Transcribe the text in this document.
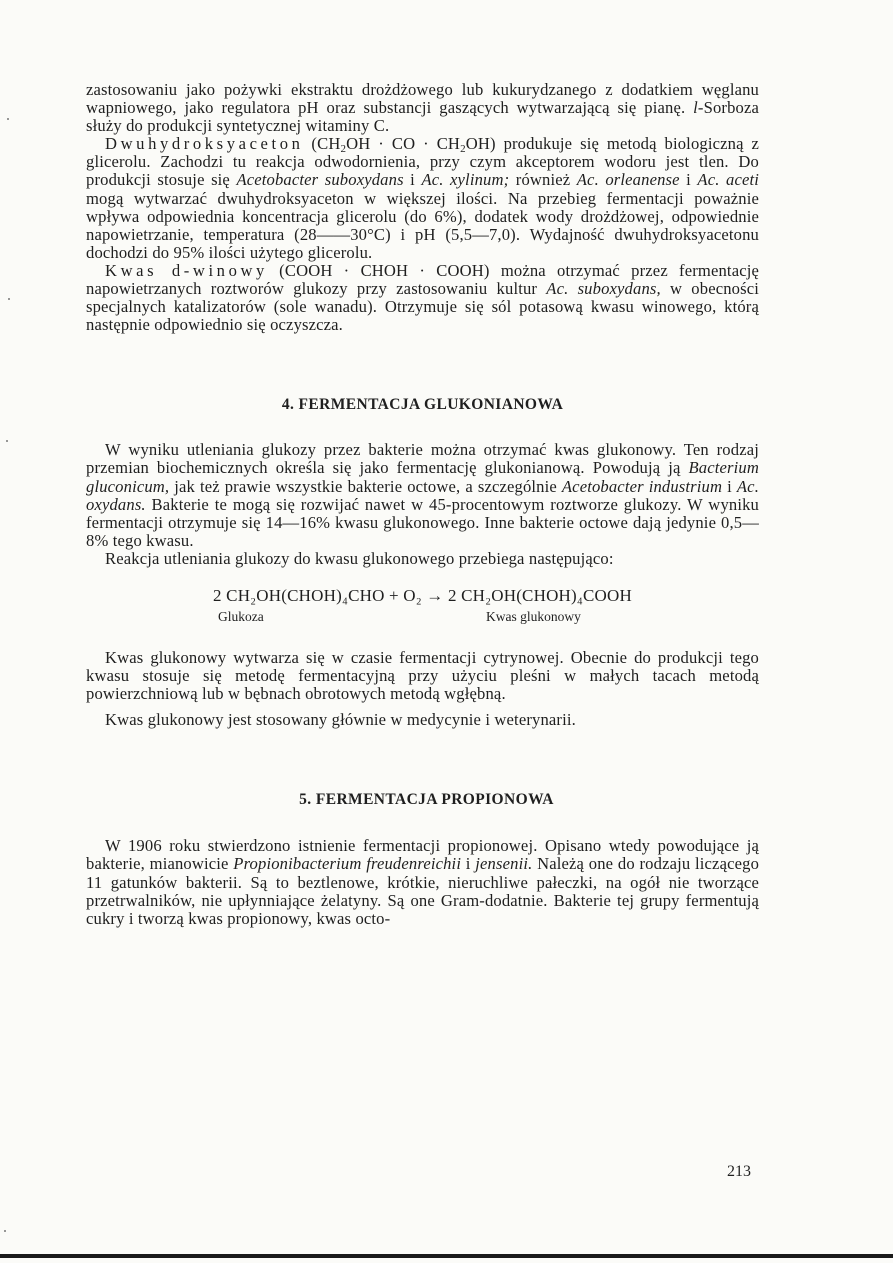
zastosowaniu jako pożywki ekstraktu drożdżowego lub kukurydzanego z dodatkiem węglanu wapniowego, jako regulatora pH oraz substancji gaszących wytwarzającą się pianę. l-Sorboza służy do produkcji syntetycznej witaminy C.

Dwuhydroksyaceton ($CH_2OH$ · CO · $CH_2OH$) produkuje się metodą biologiczną z glicerolu. Zachodzi tu reakcja odwodornienia, przy czym akceptorem wodoru jest tlen. Do produkcji stosuje się Acetobacter suboxydans i Ac. xylinum; również Ac. orleanense i Ac. aceti mogą wytwarzać dwuhydroksyaceton w większej ilości. Na przebieg fermentacji poważnie wpływa odpowiednia koncentracja glicerolu (do 6%), dodatek wody drożdżowej, odpowiednie napowietrzanie, temperatura (28——30°C) i pH (5,5—7,0). Wydajność dwuhydroksyacetonu dochodzi do 95% ilości użytego glicerolu.

Kwas d-winowy (COOH · CHOH · COOH) można otrzymać przez fermentację napowietrzanych roztworów glukozy przy zastosowaniu kultur Ac. suboxydans, w obecności specjalnych katalizatorów (sole wanadu). Otrzymuje się sól potasową kwasu winowego, którą następnie odpowiednio się oczyszcza.

4. FERMENTACJA GLUKONIANOWA

W wyniku utleniania glukozy przez bakterie można otrzymać kwas glukonowy. Ten rodzaj przemian biochemicznych określa się jako fermentację glukonianową. Powodują ją Bacterium gluconicum, jak też prawie wszystkie bakterie octowe, a szczególnie Acetobacter industrium i Ac. oxydans. Bakterie te mogą się rozwijać nawet w 45-procentowym roztworze glukozy. W wyniku fermentacji otrzymuje się 14—16% kwasu glukonowego. Inne bakterie octowe dają jedynie 0,5—8% tego kwasu.

Reakcja utleniania glukozy do kwasu glukonowego przebiega następująco:

2 CH₂OH(CHOH)₄CHO + O₂ → 2 CH₂OH(CHOH)₄COOH
Glukoza	Kwas glukonowy

Kwas glukonowy wytwarza się w czasie fermentacji cytrynowej. Obecnie do produkcji tego kwasu stosuje się metodę fermentacyjną przy użyciu pleśni w małych tacach metodą powierzchniową lub w bębnach obrotowych metodą wgłębną.

Kwas glukonowy jest stosowany głównie w medycynie i weterynarii.

5. FERMENTACJA PROPIONOWA

W 1906 roku stwierdzono istnienie fermentacji propionowej. Opisano wtedy powodujące ją bakterie, mianowicie Propionibacterium freudenreichii i jensenii. Należą one do rodzaju liczącego 11 gatunków bakterii. Są to beztlenowe, krótkie, nieruchliwe pałeczki, na ogół nie tworzące przetrwalników, nie upłynniające żelatyny. Są one Gram-dodatnie. Bakterie tej grupy fermentują cukry i tworzą kwas propionowy, kwas octo-

213
